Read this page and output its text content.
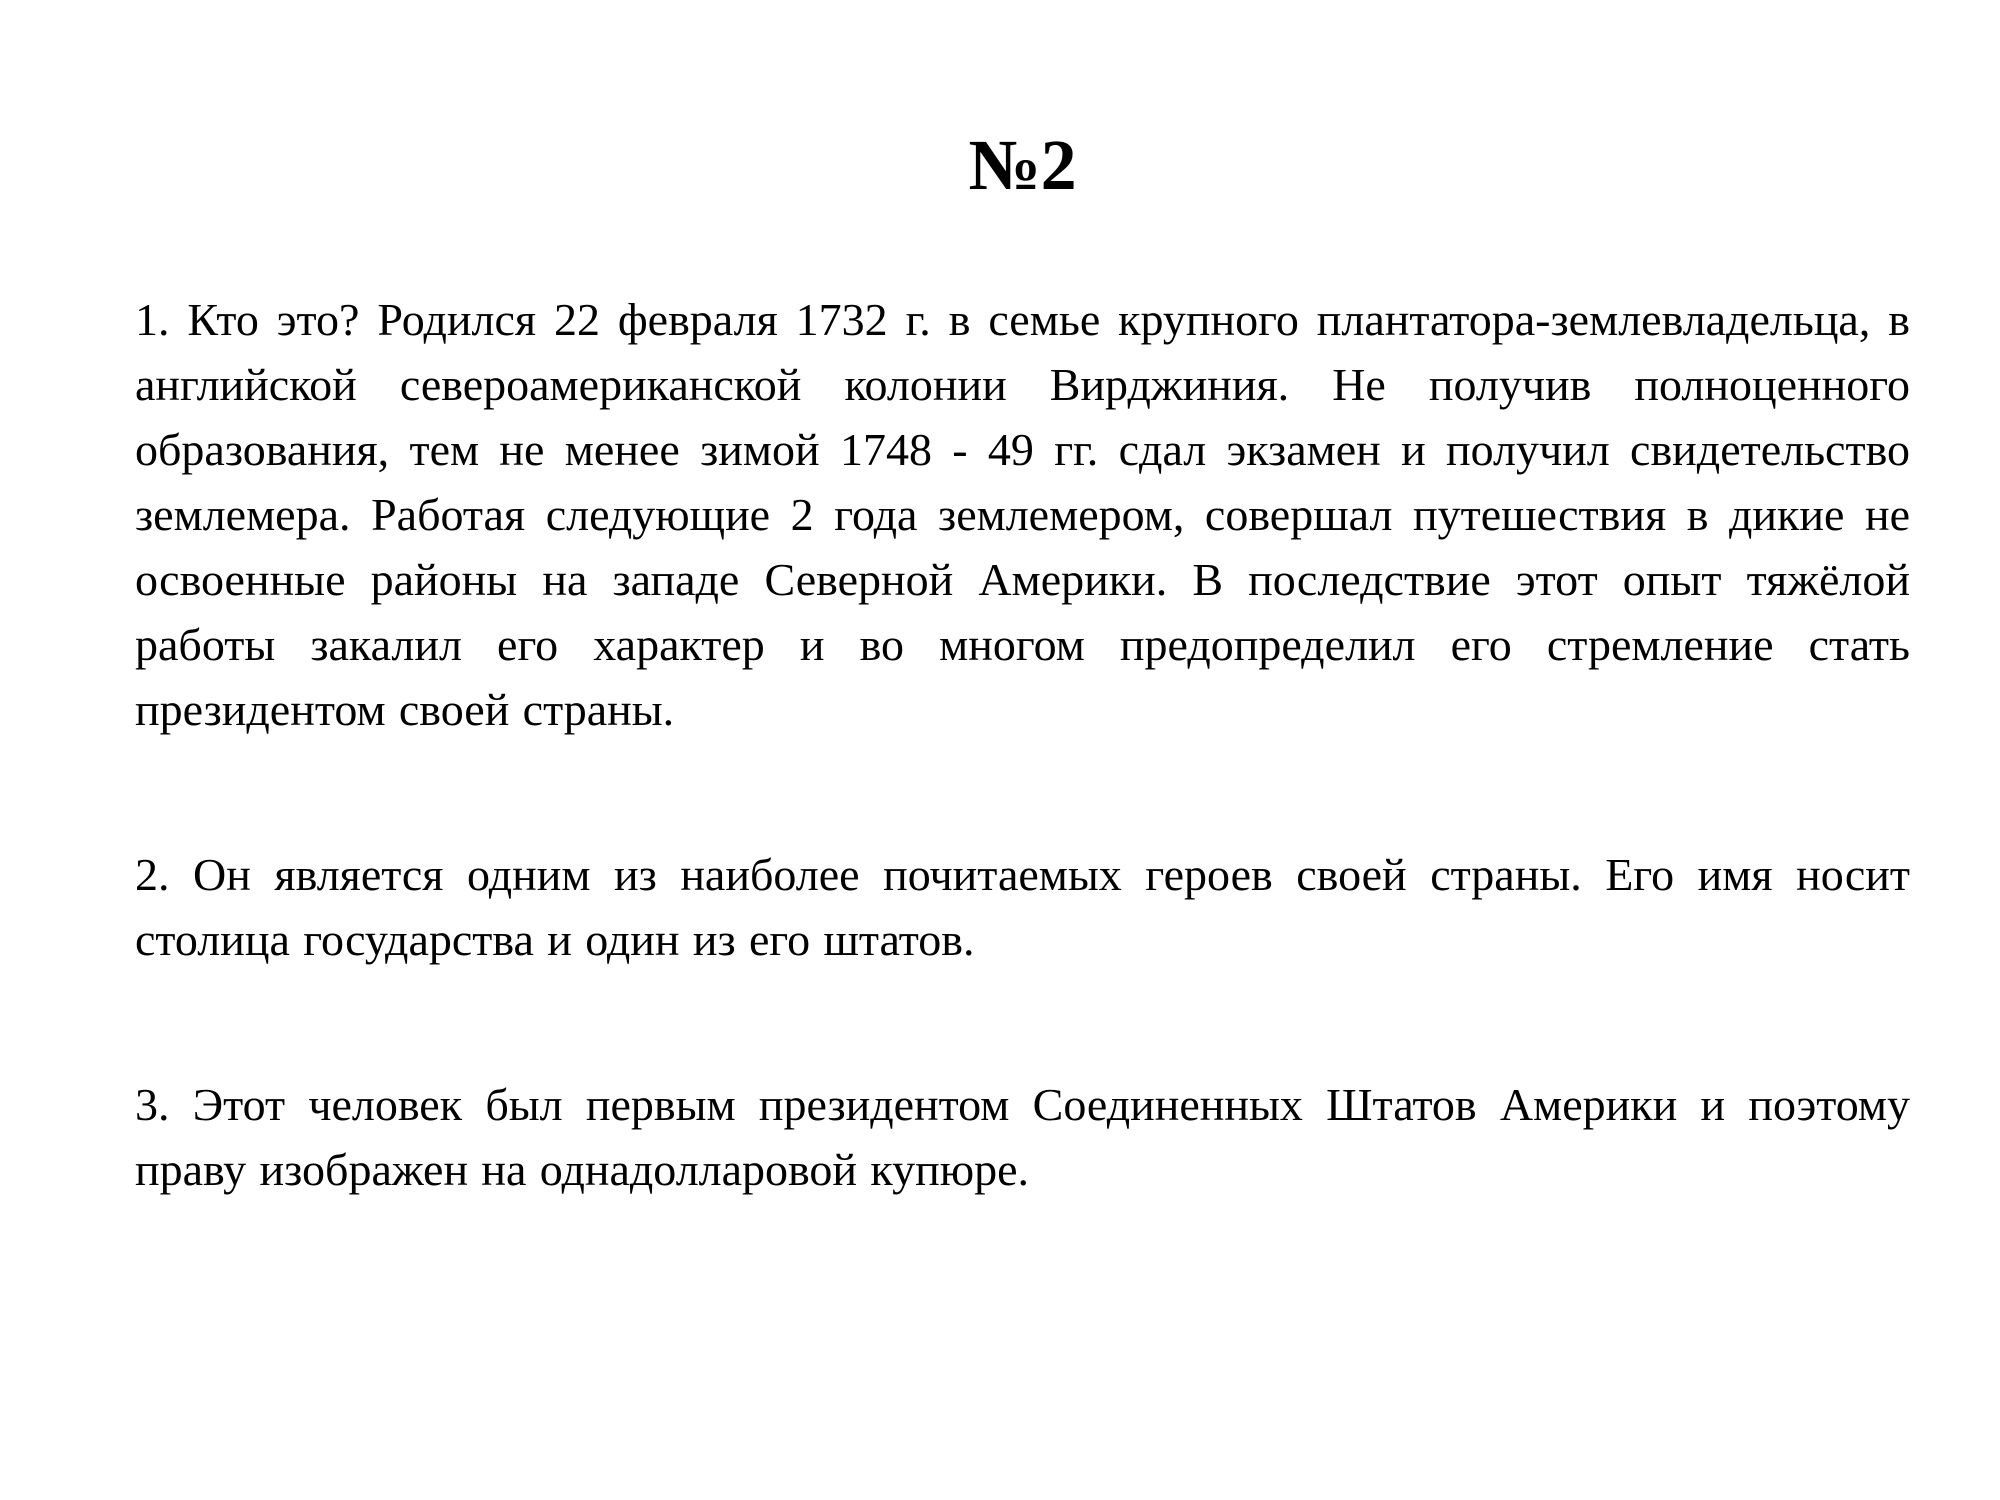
№2

1. Кто это? Родился 22 февраля 1732 г. в семье крупного плантатора-землевладельца, в английской североамериканской колонии Вирджиния. Не получив полноценного образования, тем не менее зимой 1748 - 49 гг. сдал экзамен и получил свидетельство землемера. Работая следующие 2 года землемером, совершал путешествия в дикие не освоенные районы на западе Северной Америки. В последствие этот опыт тяжёлой работы закалил его характер и во многом предопределил его стремление стать президентом своей страны.

2. Он является одним из наиболее почитаемых героев своей страны. Его имя носит столица государства и один из его штатов.

3. Этот человек был первым президентом Соединенных Штатов Америки и поэтому праву изображен на однадолларовой купюре.
